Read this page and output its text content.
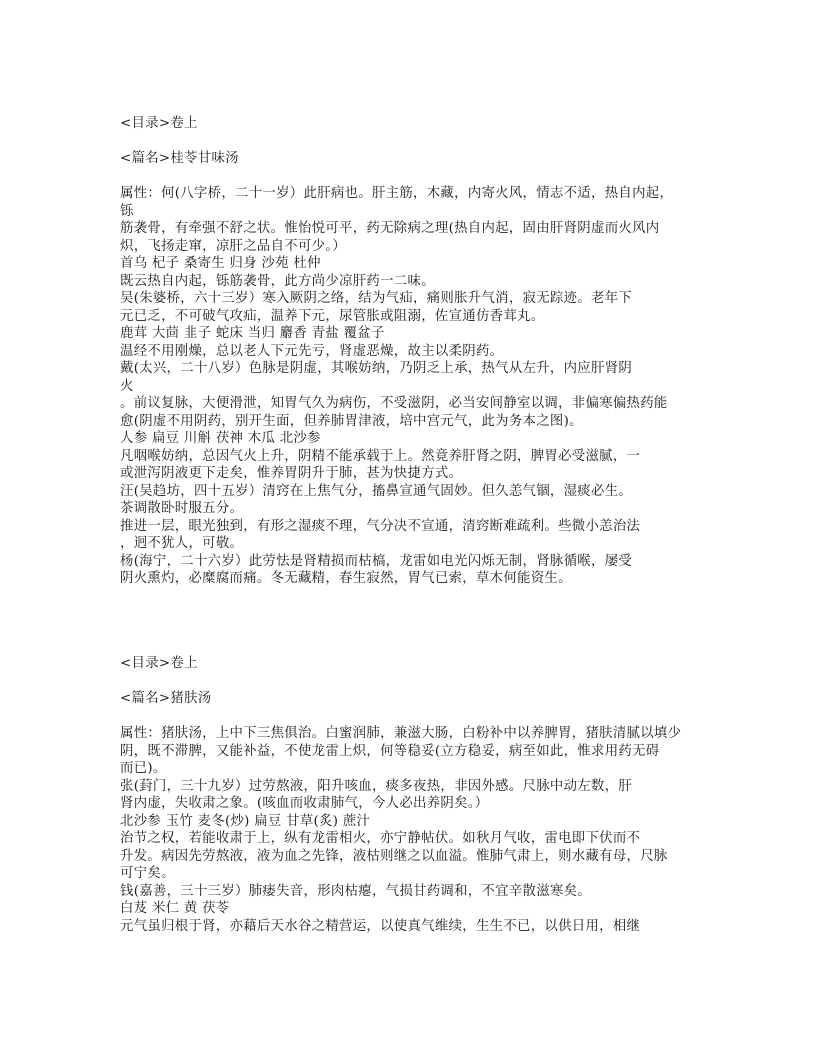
<目录>卷上
<篇名>桂苓甘味汤
属性：何(八字桥，二十一岁）此肝病也。肝主筋，木藏，内寄火风，情志不适，热自内起，
铄
筋袭骨，有牵强不舒之状。惟怡悦可平，药无除病之理(热自内起，固由肝肾阴虚而火风内
炽，飞扬走窜，凉肝之品自不可少。）
首乌 杞子 桑寄生 归身 沙苑 杜仲
既云热自内起，铄筋袭骨，此方尚少凉肝药一二味。
吴(朱婆桥，六十三岁）寒入厥阴之络，结为气疝，痛则胀升气消，寂无踪迹。老年下
元已乏，不可破气攻疝，温养下元，尿管胀或阻溺，佐宣通仿香茸丸。
鹿茸 大茴 韭子 蛇床 当归 麝香 青盐 覆盆子
温经不用刚燥，总以老人下元先亏，肾虚恶燥，故主以柔阴药。
戴(太兴，二十八岁）色脉是阴虚，其喉妨纳，乃阴乏上承，热气从左升，内应肝肾阴
火
。前议复脉，大便滑泄，知胃气久为病伤，不受滋阴，必当安间静室以调，非偏寒偏热药能
愈(阴虚不用阴药，别开生面，但养肺胃津液，培中宫元气，此为务本之图)。
人参 扁豆 川斛 茯神 木瓜 北沙参
凡咽喉妨纳，总因气火上升，阴精不能承载于上。然竟养肝肾之阴，脾胃必受滋腻，一
或泄泻阴液更下走矣，惟养胃阴升于肺，甚为快捷方式。
汪(吴趋坊，四十五岁）清窍在上焦气分，搐鼻宣通气固妙。但久恙气锢，湿痰必生。
茶调散卧时服五分。
推进一层，眼光独到，有形之湿痰不理，气分决不宣通，清窍断难疏利。些微小恙治法
，迥不犹人，可敬。
杨(海宁，二十六岁）此劳怯是肾精损而枯槁，龙雷如电光闪烁无制，肾脉循喉，屡受
阴火熏灼，必糜腐而痛。冬无藏精，春生寂然，胃气已索，草木何能资生。
<目录>卷上
<篇名>猪肤汤
属性：猪肤汤，上中下三焦俱治。白蜜润肺，兼滋大肠，白粉补中以养脾胃，猪肤清腻以填少
阴，既不滞脾，又能补益，不使龙雷上炽，何等稳妥(立方稳妥，病至如此，惟求用药无碍
而已)。
张(葑门，三十九岁）过劳熬液，阳升咳血，痰多夜热，非因外感。尺脉中动左数，肝
肾内虚，失收肃之象。(咳血而收肃肺气，今人必出养阴矣。）
北沙参 玉竹 麦冬(炒) 扁豆 甘草(炙) 蔗汁
治节之权，若能收肃于上，纵有龙雷相火，亦宁静帖伏。如秋月气收，雷电即下伏而不
升发。病因先劳熬液，液为血之先锋，液枯则继之以血溢。惟肺气肃上，则水藏有母，尺脉
可宁矣。
钱(嘉善，三十三岁）肺痿失音，形肉枯瘪，气损甘药调和，不宜辛散滋寒矣。
白芨 米仁 黄 茯苓
元气虽归根于肾，亦藉后天水谷之精营运，以使真气维续，生生不已，以供日用，相继
